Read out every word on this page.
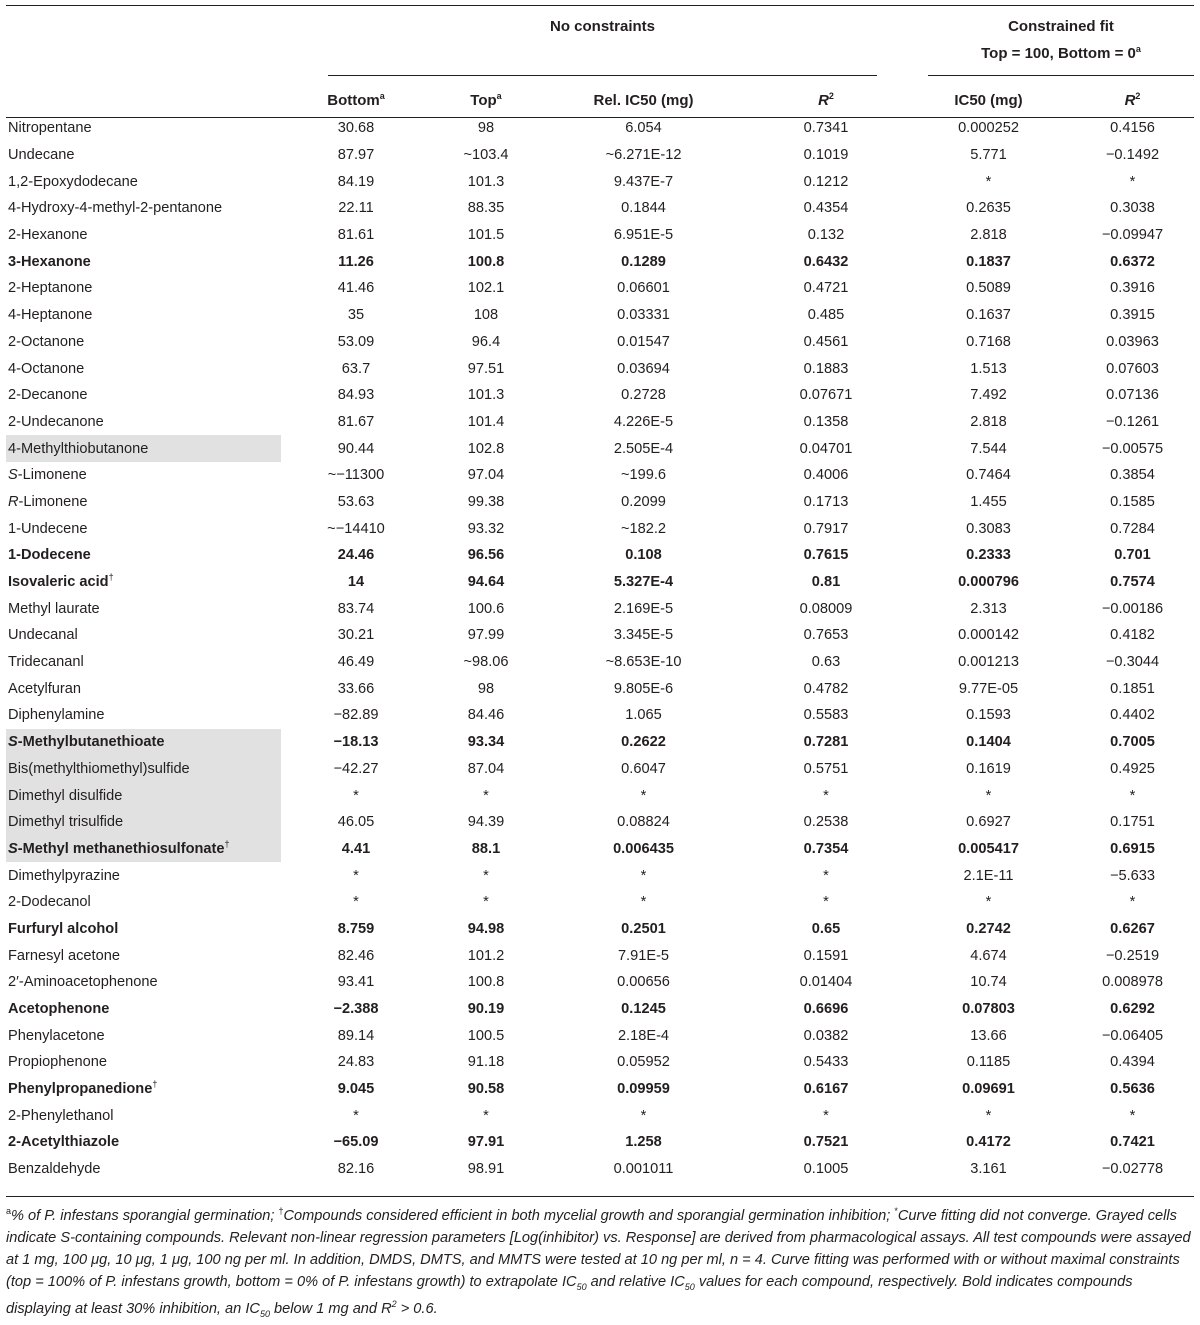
No constraints	Constrained fit
Top = 100, Bottom = $0^a$
	Bottom$^a$	Top$^a$	Rel. IC50 (mg)	$R^2$	IC50 (mg)	$R^2$
Nitropentane	30.68	98	6.054	0.7341	0.000252	0.4156
Undecane	87.97	~103.4	~6.271E-12	0.1019	5.771	−0.1492
1,2-Epoxydodecane	84.19	101.3	9.437E-7	0.1212	*	*
4-Hydroxy-4-methyl-2-pentanone	22.11	88.35	0.1844	0.4354	0.2635	0.3038
2-Hexanone	81.61	101.5	6.951E-5	0.132	2.818	−0.09947
3-Hexanone	11.26	100.8	0.1289	0.6432	0.1837	0.6372
2-Heptanone	41.46	102.1	0.06601	0.4721	0.5089	0.3916
4-Heptanone	35	108	0.03331	0.485	0.1637	0.3915
2-Octanone	53.09	96.4	0.01547	0.4561	0.7168	0.03963
4-Octanone	63.7	97.51	0.03694	0.1883	1.513	0.07603
2-Decanone	84.93	101.3	0.2728	0.07671	7.492	0.07136
2-Undecanone	81.67	101.4	4.226E-5	0.1358	2.818	−0.1261
4-Methylthiobutanone	90.44	102.8	2.505E-4	0.04701	7.544	−0.00575
S-Limonene	~−11300	97.04	~199.6	0.4006	0.7464	0.3854
R-Limonene	53.63	99.38	0.2099	0.1713	1.455	0.1585
1-Undecene	~−14410	93.32	~182.2	0.7917	0.3083	0.7284
1-Dodecene	24.46	96.56	0.108	0.7615	0.2333	0.701
Isovaleric acid†	14	94.64	5.327E-4	0.81	0.000796	0.7574
Methyl laurate	83.74	100.6	2.169E-5	0.08009	2.313	−0.00186
Undecanal	30.21	97.99	3.345E-5	0.7653	0.000142	0.4182
Tridecananl	46.49	~98.06	~8.653E-10	0.63	0.001213	−0.3044
Acetylfuran	33.66	98	9.805E-6	0.4782	9.77E-05	0.1851
Diphenylamine	−82.89	84.46	1.065	0.5583	0.1593	0.4402
S-Methylbutanethioate	−18.13	93.34	0.2622	0.7281	0.1404	0.7005
Bis(methylthiomethyl)sulfide	−42.27	87.04	0.6047	0.5751	0.1619	0.4925
Dimethyl disulfide	*	*	*	*	*	*
Dimethyl trisulfide	46.05	94.39	0.08824	0.2538	0.6927	0.1751
S-Methyl methanethiosulfonate†	4.41	88.1	0.006435	0.7354	0.005417	0.6915
Dimethylpyrazine	*	*	*	*	2.1E-11	−5.633
2-Dodecanol	*	*	*	*	*	*
Furfuryl alcohol	8.759	94.98	0.2501	0.65	0.2742	0.6267
Farnesyl acetone	82.46	101.2	7.91E-5	0.1591	4.674	−0.2519
2′-Aminoacetophenone	93.41	100.8	0.00656	0.01404	10.74	0.008978
Acetophenone	−2.388	90.19	0.1245	0.6696	0.07803	0.6292
Phenylacetone	89.14	100.5	2.18E-4	0.0382	13.66	−0.06405
Propiophenone	24.83	91.18	0.05952	0.5433	0.1185	0.4394
Phenylpropanedione†	9.045	90.58	0.09959	0.6167	0.09691	0.5636
2-Phenylethanol	*	*	*	*	*	*
2-Acetylthiazole	−65.09	97.91	1.258	0.7521	0.4172	0.7421
Benzaldehyde	82.16	98.91	0.001011	0.1005	3.161	−0.02778
$^a$% of P. infestans sporangial germination; †Compounds considered efficient in both mycelial growth and sporangial germination inhibition; *Curve fitting did not converge. Grayed cells indicate S-containing compounds. Relevant non-linear regression parameters [Log(inhibitor) vs. Response] are derived from pharmacological assays. All test compounds were assayed at 1 mg, 100 μg, 10 μg, 1 μg, 100 ng per ml. In addition, DMDS, DMTS, and MMTS were tested at 10 ng per ml, n = 4. Curve fitting was performed with or without maximal constraints (top = 100% of P. infestans growth, bottom = 0% of P. infestans growth) to extrapolate $IC_{50}$ and relative $IC_{50}$ values for each compound, respectively. Bold indicates compounds displaying at least 30% inhibition, an $IC_{50}$ below 1 mg and $R^2 > 0.6$.
